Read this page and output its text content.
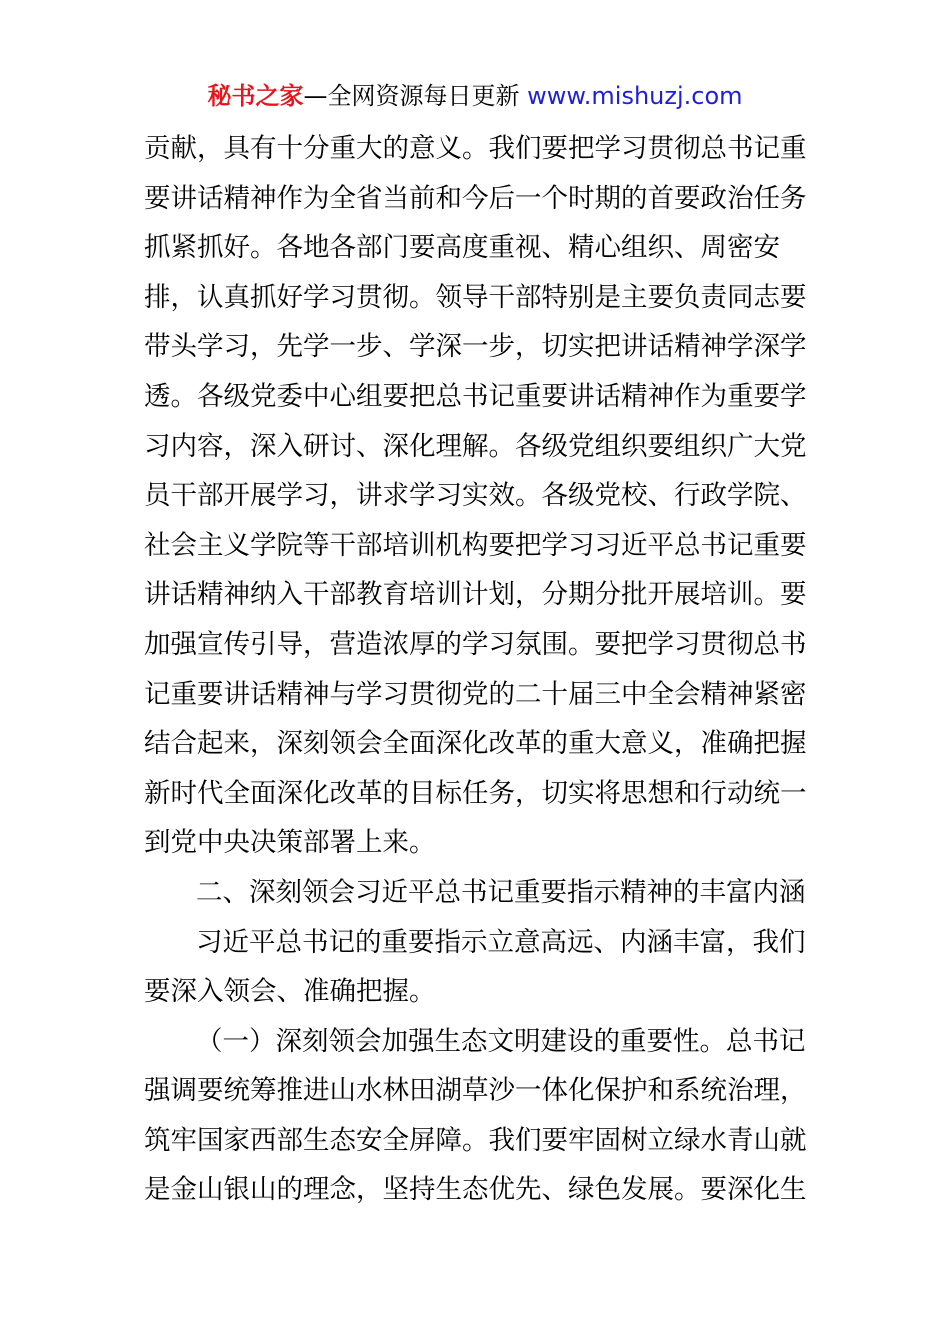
秘书之家—全网资源每日更新 www.mishuzj.com
贡献，具有十分重大的意义。我们要把学习贯彻总书记重
要讲话精神作为全省当前和今后一个时期的首要政治任务
抓紧抓好。各地各部门要高度重视、精心组织、周密安
排，认真抓好学习贯彻。领导干部特别是主要负责同志要
带头学习，先学一步、学深一步，切实把讲话精神学深学
透。各级党委中心组要把总书记重要讲话精神作为重要学
习内容，深入研讨、深化理解。各级党组织要组织广大党
员干部开展学习，讲求学习实效。各级党校、行政学院、
社会主义学院等干部培训机构要把学习习近平总书记重要
讲话精神纳入干部教育培训计划，分期分批开展培训。要
加强宣传引导，营造浓厚的学习氛围。要把学习贯彻总书
记重要讲话精神与学习贯彻党的二十届三中全会精神紧密
结合起来，深刻领会全面深化改革的重大意义，准确把握
新时代全面深化改革的目标任务，切实将思想和行动统一
到党中央决策部署上来。
二、深刻领会习近平总书记重要指示精神的丰富内涵
习近平总书记的重要指示立意高远、内涵丰富，我们
要深入领会、准确把握。
（一）深刻领会加强生态文明建设的重要性。总书记
强调要统筹推进山水林田湖草沙一体化保护和系统治理，
筑牢国家西部生态安全屏障。我们要牢固树立绿水青山就
是金山银山的理念，坚持生态优先、绿色发展。要深化生
